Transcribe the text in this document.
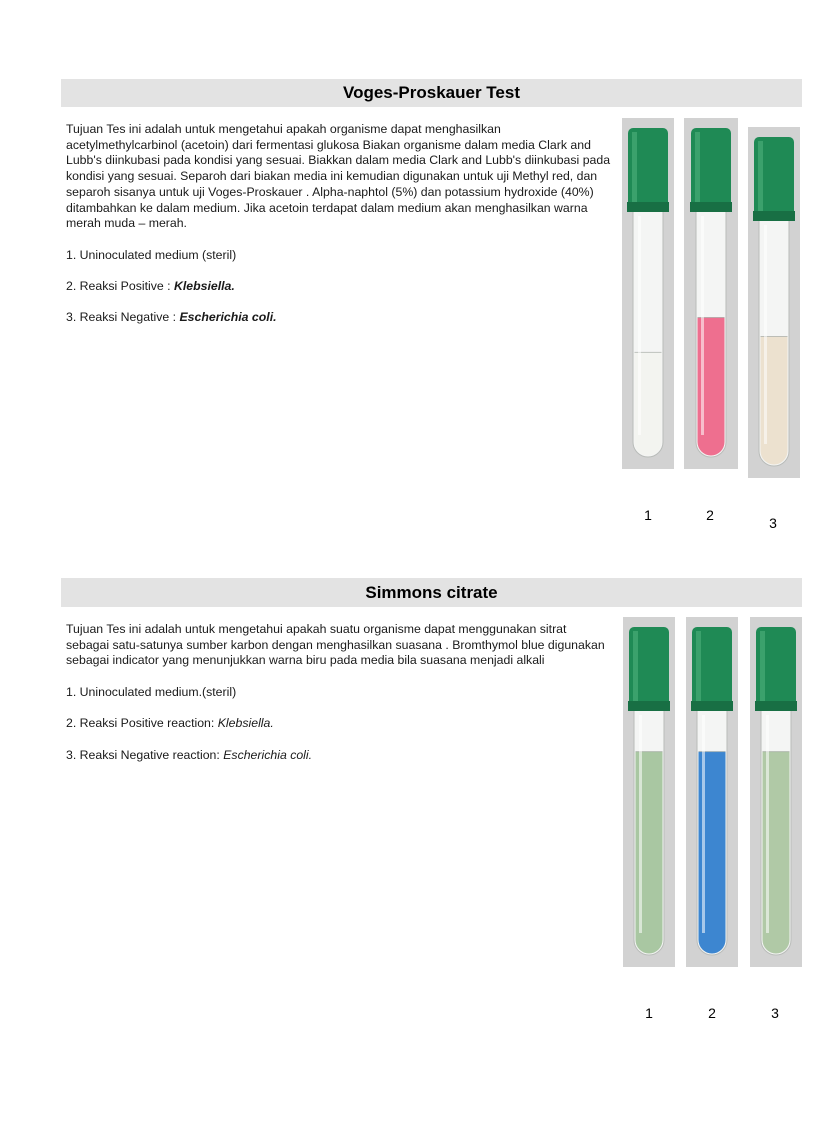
Voges-Proskauer Test

Tujuan Tes ini adalah untuk mengetahui apakah organisme dapat menghasilkan acetylmethylcarbinol (acetoin) dari fermentasi glukosa Biakan organisme dalam media Clark and Lubb's diinkubasi pada kondisi yang sesuai. Biakkan dalam media Clark and Lubb's diinkubasi pada kondisi yang sesuai. Separoh dari biakan media ini kemudian digunakan untuk uji Methyl red, dan separoh sisanya untuk uji Voges-Proskauer . Alpha-naphtol (5%) dan potassium hydroxide (40%) ditambahkan ke dalam medium. Jika acetoin terdapat dalam medium akan menghasilkan warna merah muda – merah.

1. Uninoculated medium (steril)

2. Reaksi Positive : Klebsiella.

3. Reaksi Negative : Escherichia coli.

1	2	3
Simmons citrate

Tujuan Tes ini adalah untuk mengetahui apakah suatu organisme dapat menggunakan sitrat sebagai satu-satunya sumber karbon dengan menghasilkan suasana . Bromthymol blue digunakan sebagai indicator yang menunjukkan warna biru pada media bila suasana menjadi alkali

1. Uninoculated medium.(steril)

2. Reaksi Positive reaction: Klebsiella.

3. Reaksi Negative reaction: Escherichia coli.

1	2	3
